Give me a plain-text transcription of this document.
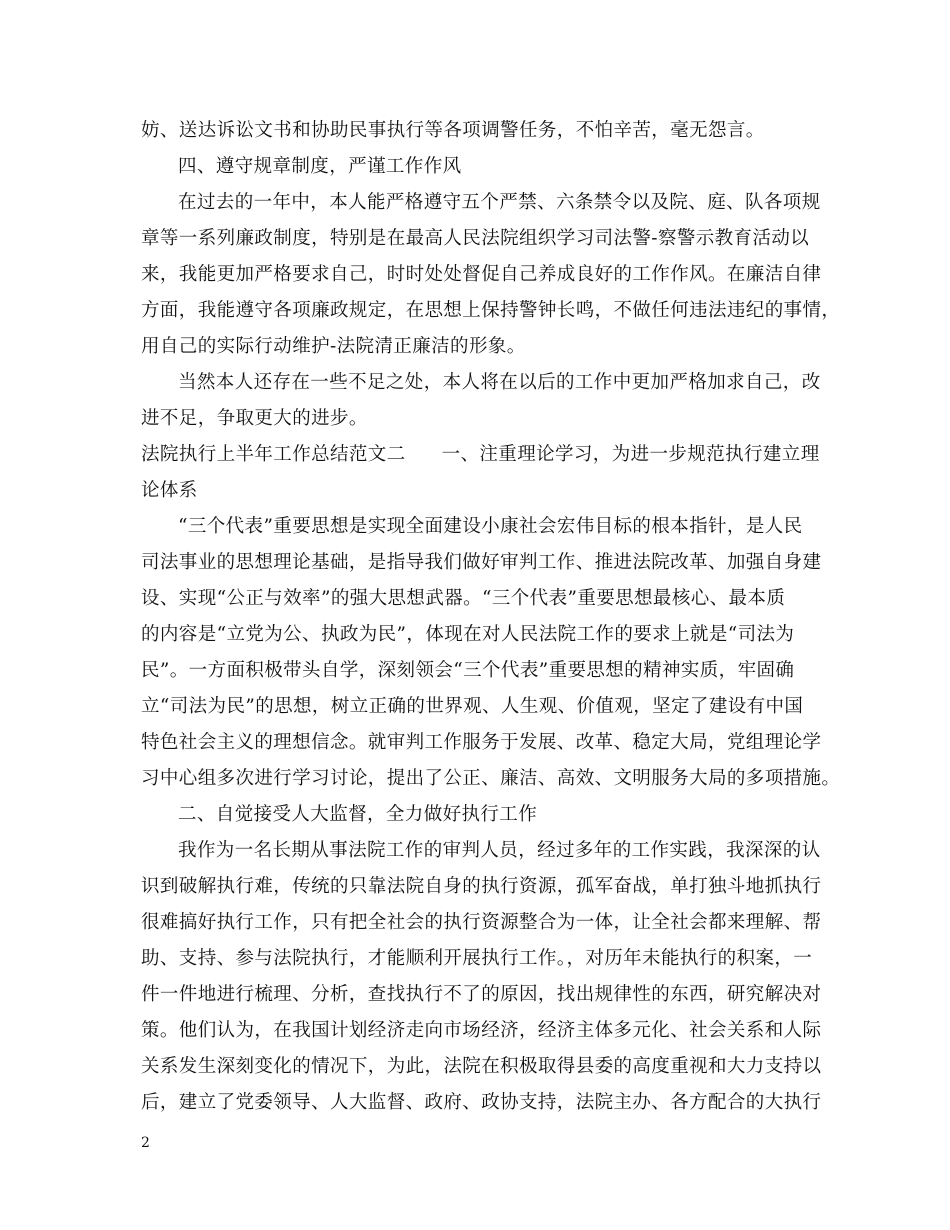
妨、送达诉讼文书和协助民事执行等各项调警任务，不怕辛苦，毫无怨言。
四、遵守规章制度，严谨工作作风
在过去的一年中，本人能严格遵守五个严禁、六条禁令以及院、庭、队各项规
章等一系列廉政制度，特别是在最高人民法院组织学习司法警-察警示教育活动以
来，我能更加严格要求自己，时时处处督促自己养成良好的工作作风。在廉洁自律
方面，我能遵守各项廉政规定，在思想上保持警钟长鸣，不做任何违法违纪的事情，
用自己的实际行动维护-法院清正廉洁的形象。
当然本人还存在一些不足之处，本人将在以后的工作中更加严格加求自己，改
进不足，争取更大的进步。
法院执行上半年工作总结范文二 一、注重理论学习，为进一步规范执行建立理
论体系
“三个代表”重要思想是实现全面建设小康社会宏伟目标的根本指针，是人民
司法事业的思想理论基础，是指导我们做好审判工作、推进法院改革、加强自身建
设、实现“公正与效率”的强大思想武器。“三个代表”重要思想最核心、最本质
的内容是“立党为公、执政为民”，体现在对人民法院工作的要求上就是“司法为
民”。一方面积极带头自学，深刻领会“三个代表”重要思想的精神实质，牢固确
立“司法为民”的思想，树立正确的世界观、人生观、价值观，坚定了建设有中国
特色社会主义的理想信念。就审判工作服务于发展、改革、稳定大局，党组理论学
习中心组多次进行学习讨论，提出了公正、廉洁、高效、文明服务大局的多项措施。
二、自觉接受人大监督，全力做好执行工作
我作为一名长期从事法院工作的审判人员，经过多年的工作实践，我深深的认
识到破解执行难，传统的只靠法院自身的执行资源，孤军奋战，单打独斗地抓执行
很难搞好执行工作，只有把全社会的执行资源整合为一体，让全社会都来理解、帮
助、支持、参与法院执行，才能顺利开展执行工作。，对历年未能执行的积案，一
件一件地进行梳理、分析，查找执行不了的原因，找出规律性的东西，研究解决对
策。他们认为，在我国计划经济走向市场经济，经济主体多元化、社会关系和人际
关系发生深刻变化的情况下，为此，法院在积极取得县委的高度重视和大力支持以
后，建立了党委领导、人大监督、政府、政协支持，法院主办、各方配合的大执行
2
